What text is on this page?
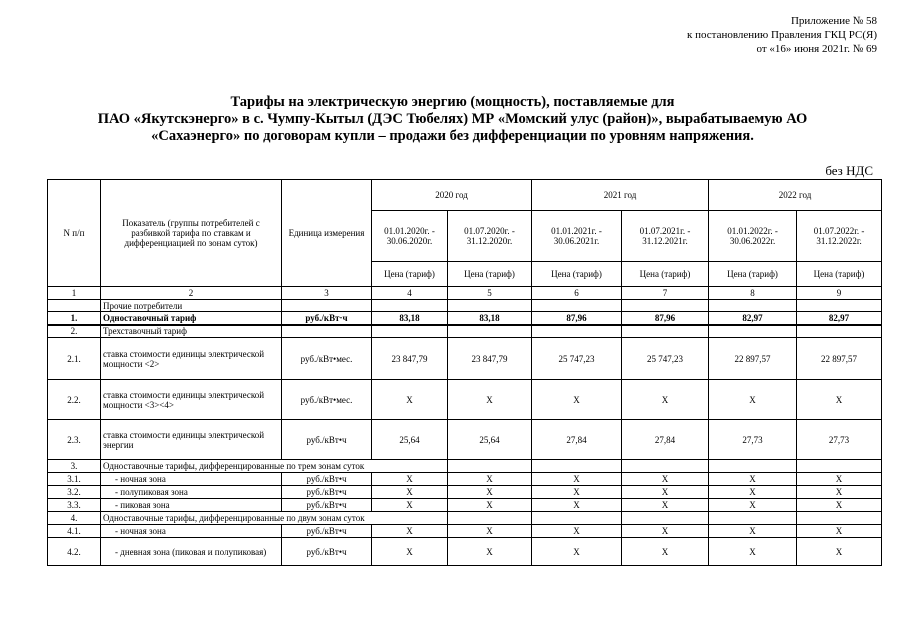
Приложение № 58
к постановлению Правления ГКЦ РС(Я)
от «16» июня 2021г. № 69
Тарифы на электрическую энергию (мощность), поставляемые для
ПАО «Якутскэнерго» в с. Чумпу-Кытыл (ДЭС Тюбелях) МР «Момский улус (район)», вырабатываемую АО
«Сахаэнерго» по договорам купли – продажи без дифференциации по уровням напряжения.
без НДС
N п/п	Показатель (группы потребителей с разбивкой тарифа по ставкам и дифференциацией по зонам суток)	Единица измерения	2020 год		2021 год		2022 год	
			01.01.2020г. - 30.06.2020г.	01.07.2020г. - 31.12.2020г.	01.01.2021г. - 30.06.2021г.	01.07.2021г. - 31.12.2021г.	01.01.2022г. - 30.06.2022г.	01.07.2022г. - 31.12.2022г.
			Цена (тариф)	Цена (тариф)	Цена (тариф)	Цена (тариф)	Цена (тариф)	Цена (тариф)
1	2	3	4	5	6	7	8	9
	Прочие потребители							
1.	Одноставочный тариф	руб./кВт·ч	83,18	83,18	87,96	87,96	82,97	82,97
2.	Трехставочный тариф							
2.1.	ставка стоимости единицы электрической мощности <2>	руб./кВт•мес.	23 847,79	23 847,79	25 747,23	25 747,23	22 897,57	22 897,57
2.2.	ставка стоимости единицы электрической мощности <3><4>	руб./кВт•мес.	X	X	X	X	X	X
2.3.	ставка стоимости единицы электрической энергии	руб./кВт•ч	25,64	25,64	27,84	27,84	27,73	27,73
3.	Одноставочные тарифы, дифференцированные по трем зонам суток							
3.1.	- ночная зона	руб./кВт•ч	X	X	X	X	X	X
3.2.	- полупиковая зона	руб./кВт•ч	X	X	X	X	X	X
3.3.	- пиковая зона	руб./кВт•ч	X	X	X	X	X	X
4.	Одноставочные тарифы, дифференцированные по двум зонам суток							
4.1.	- ночная зона	руб./кВт•ч	X	X	X	X	X	X
4.2.	- дневная зона (пиковая и полупиковая)	руб./кВт•ч	X	X	X	X	X	X
